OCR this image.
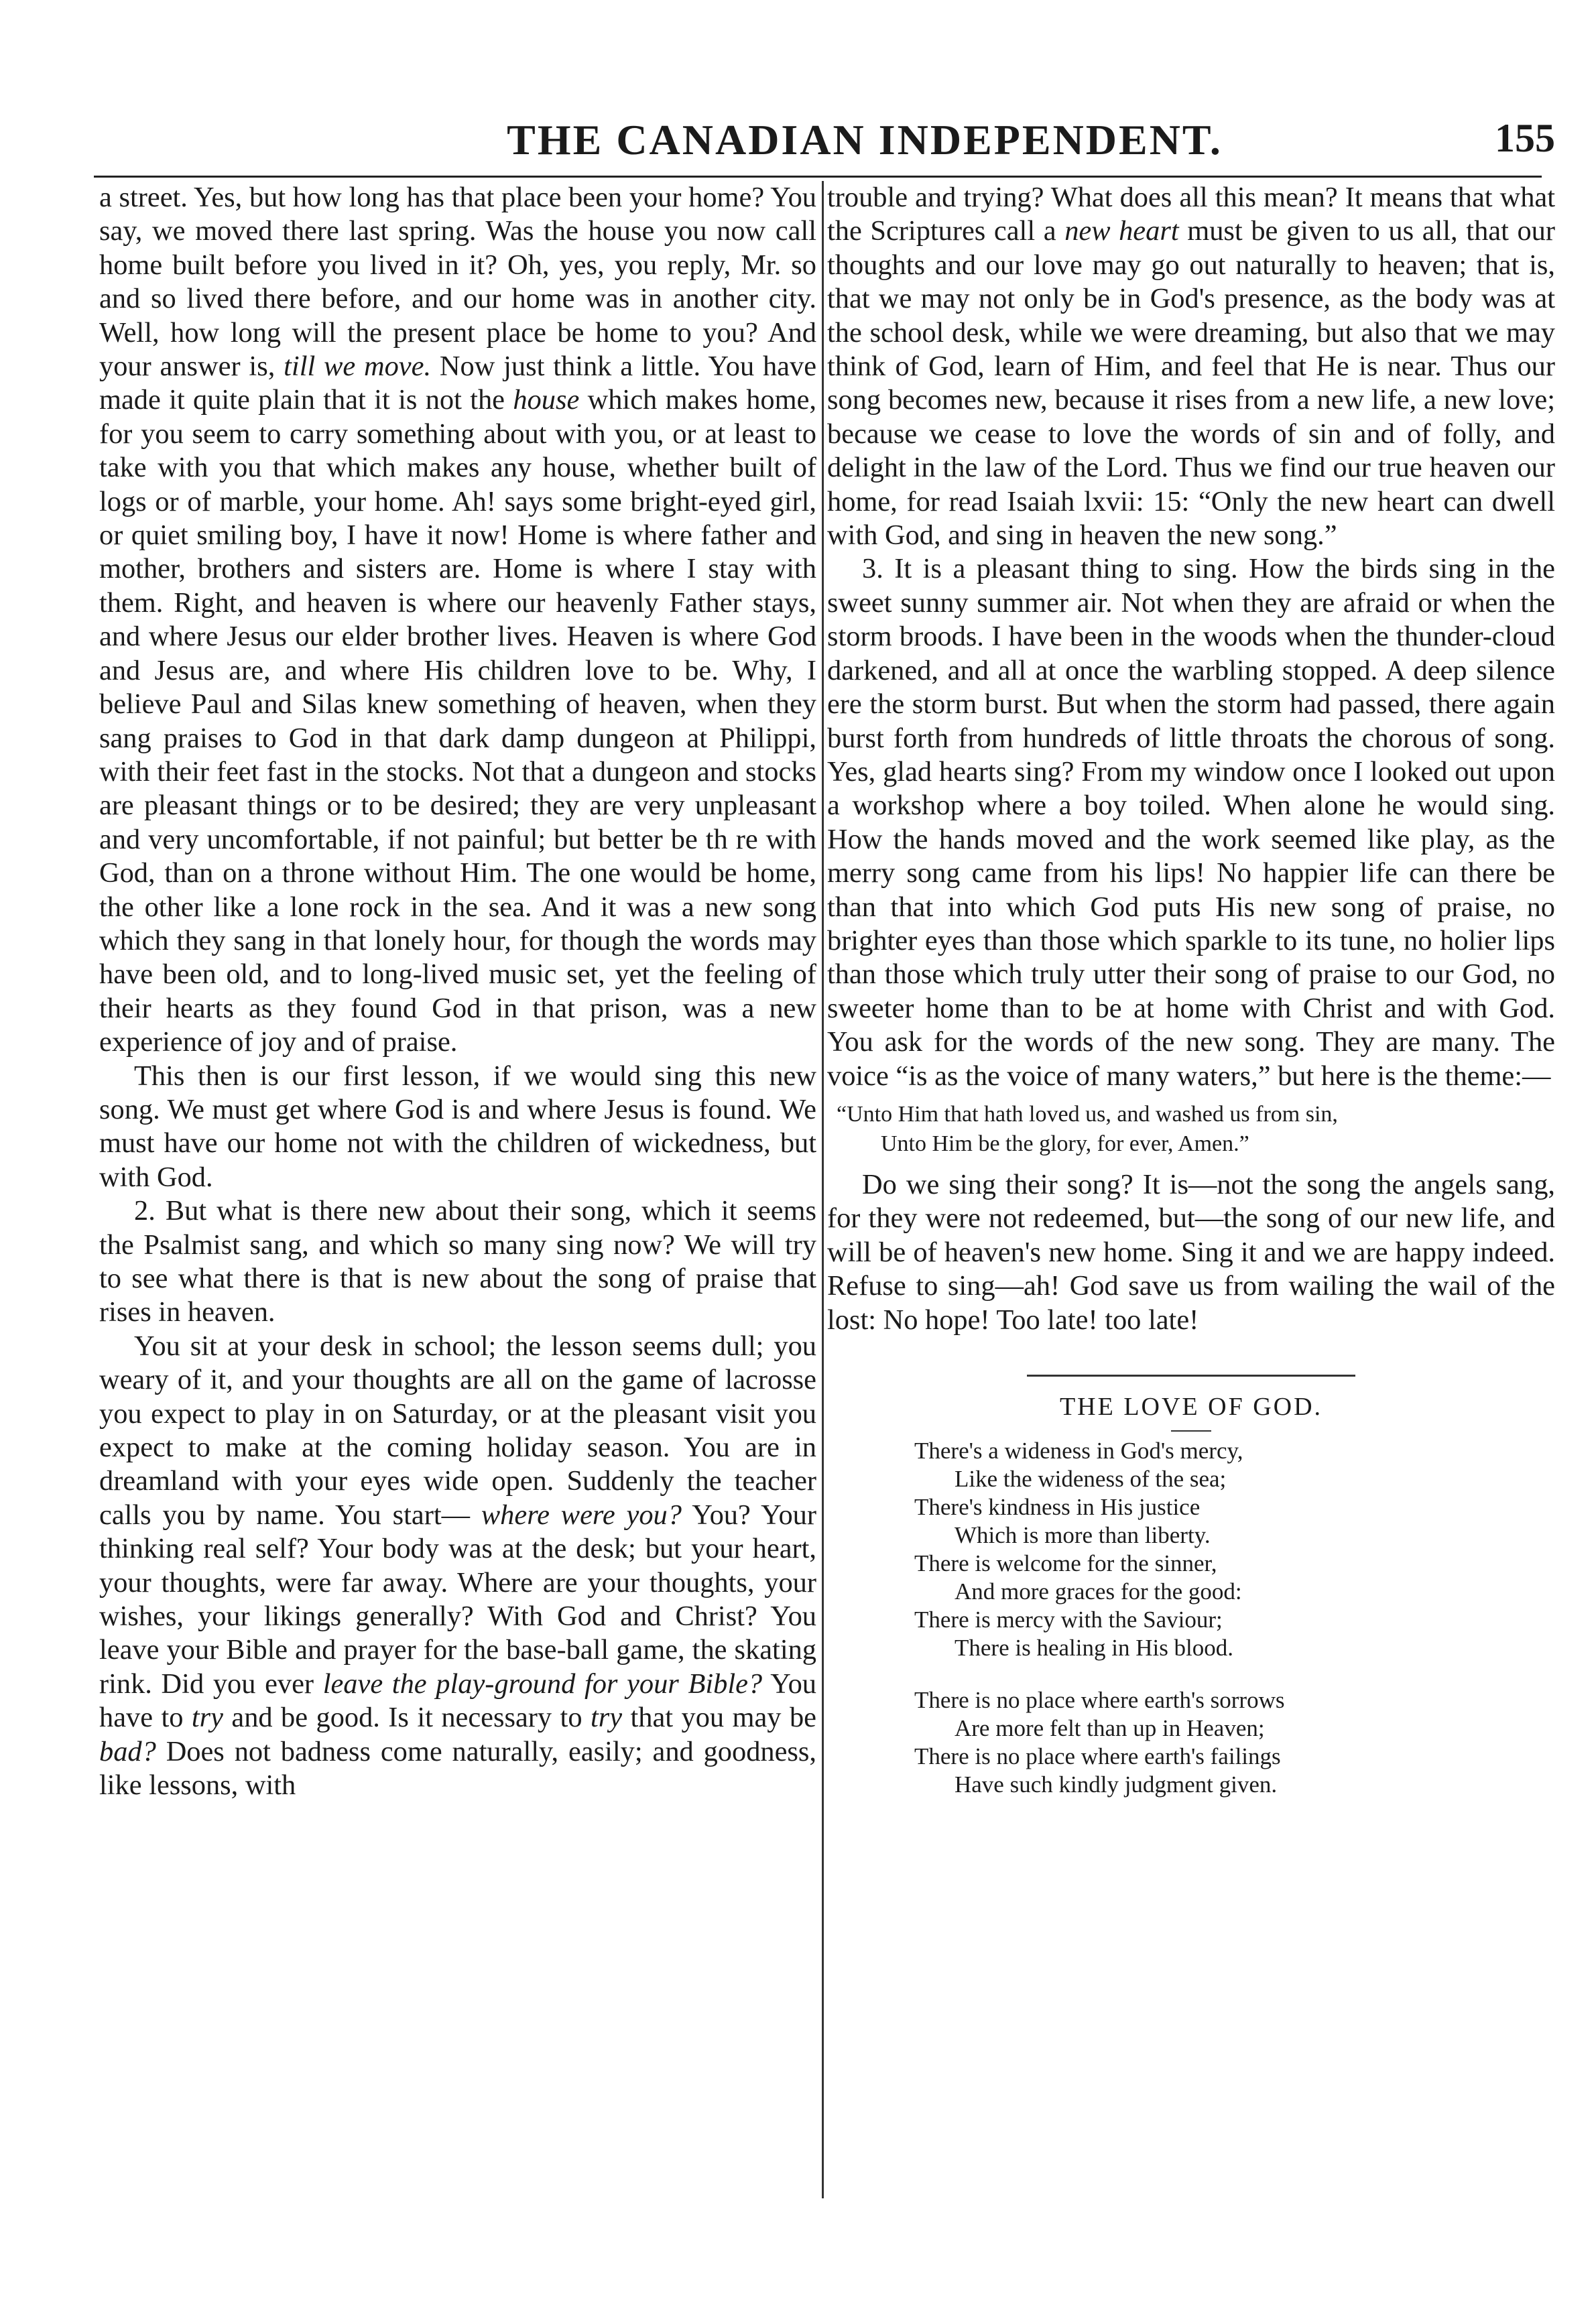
THE CANADIAN INDEPENDENT.	155

a street. Yes, but how long has that place been your home? You say, we moved there last spring. Was the house you now call home built before you lived in it? Oh, yes, you reply, Mr. so and so lived there before, and our home was in another city. Well, how long will the present place be home to you? And your answer is, till we move. Now just think a little. You have made it quite plain that it is not the house which makes home, for you seem to carry something about with you, or at least to take with you that which makes any house, whether built of logs or of marble, your home. Ah! says some bright-eyed girl, or quiet smiling boy, I have it now! Home is where father and mother, brothers and sisters are. Home is where I stay with them. Right, and heaven is where our heavenly Father stays, and where Jesus our elder brother lives. Heaven is where God and Jesus are, and where His children love to be. Why, I believe Paul and Silas knew something of heaven, when they sang praises to God in that dark damp dungeon at Philippi, with their feet fast in the stocks. Not that a dungeon and stocks are pleasant things or to be desired; they are very unpleasant and very uncomfortable, if not painful; but better be th re with God, than on a throne without Him. The one would be home, the other like a lone rock in the sea. And it was a new song which they sang in that lonely hour, for though the words may have been old, and to long-lived music set, yet the feeling of their hearts as they found God in that prison, was a new experience of joy and of praise.

This then is our first lesson, if we would sing this new song. We must get where God is and where Jesus is found. We must have our home not with the children of wickedness, but with God.

2. But what is there new about their song, which it seems the Psalmist sang, and which so many sing now? We will try to see what there is that is new about the song of praise that rises in heaven.

You sit at your desk in school; the lesson seems dull; you weary of it, and your thoughts are all on the game of lacrosse you expect to play in on Saturday, or at the pleasant visit you expect to make at the coming holiday season. You are in dreamland with your eyes wide open. Suddenly the teacher calls you by name. You start— where were you? You? Your thinking real self? Your body was at the desk; but your heart, your thoughts, were far away. Where are your thoughts, your wishes, your likings generally? With God and Christ? You leave your Bible and prayer for the base-ball game, the skating rink. Did you ever leave the play-ground for your Bible? You have to try and be good. Is it necessary to try that you may be bad? Does not badness come naturally, easily; and goodness, like lessons, with

trouble and trying? What does all this mean? It means that what the Scriptures call a new heart must be given to us all, that our thoughts and our love may go out naturally to heaven; that is, that we may not only be in God's presence, as the body was at the school desk, while we were dreaming, but also that we may think of God, learn of Him, and feel that He is near. Thus our song becomes new, because it rises from a new life, a new love; because we cease to love the words of sin and of folly, and delight in the law of the Lord. Thus we find our true heaven our home, for read Isaiah lxvii: 15: “Only the new heart can dwell with God, and sing in heaven the new song.”

3. It is a pleasant thing to sing. How the birds sing in the sweet sunny summer air. Not when they are afraid or when the storm broods. I have been in the woods when the thunder-cloud darkened, and all at once the warbling stopped. A deep silence ere the storm burst. But when the storm had passed, there again burst forth from hundreds of little throats the chorous of song. Yes, glad hearts sing? From my window once I looked out upon a workshop where a boy toiled. When alone he would sing. How the hands moved and the work seemed like play, as the merry song came from his lips! No happier life can there be than that into which God puts His new song of praise, no brighter eyes than those which sparkle to its tune, no holier lips than those which truly utter their song of praise to our God, no sweeter home than to be at home with Christ and with God. You ask for the words of the new song. They are many. The voice “is as the voice of many waters,” but here is the theme:—

“Unto Him that hath loved us, and washed us from sin,
Unto Him be the glory, for ever, Amen.”

Do we sing their song? It is—not the song the angels sang, for they were not redeemed, but—the song of our new life, and will be of heaven's new home. Sing it and we are happy indeed. Refuse to sing—ah! God save us from wailing the wail of the lost: No hope! Too late! too late!

THE LOVE OF GOD.
There's a wideness in God's mercy,
Like the wideness of the sea;
There's kindness in His justice
Which is more than liberty.
There is welcome for the sinner,
And more graces for the good:
There is mercy with the Saviour;
There is healing in His blood.
There is no place where earth's sorrows
Are more felt than up in Heaven;
There is no place where earth's failings
Have such kindly judgment given.
